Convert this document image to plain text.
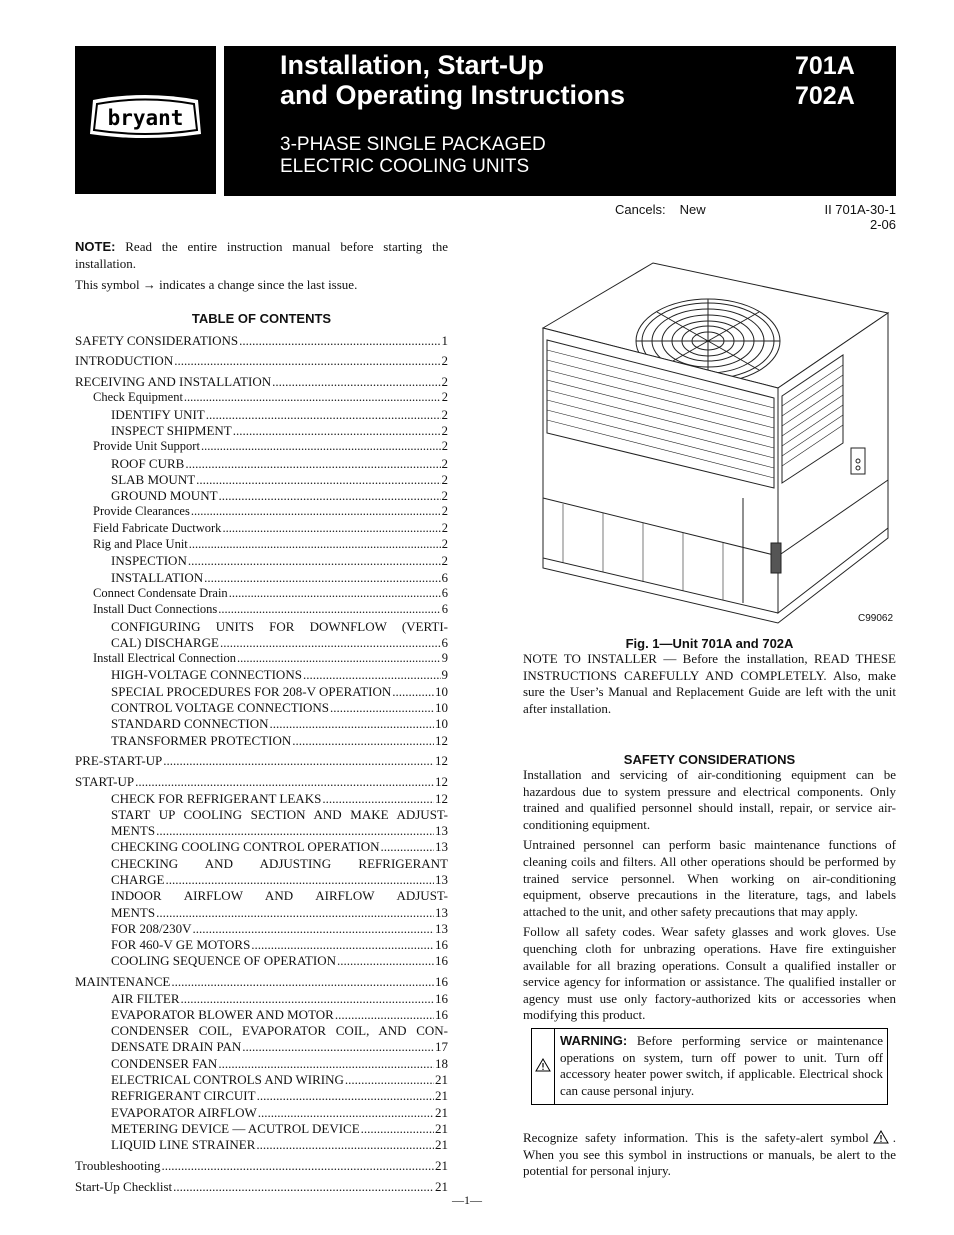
bryant
Installation, Start-Up
and Operating Instructions
3-PHASE SINGLE PACKAGED
ELECTRIC COOLING UNITS
701A
702A
Cancels: New	II 701A-30-1
2-06

NOTE: Read the entire instruction manual before starting the installation.

This symbol → indicates a change since the last issue.

TABLE OF CONTENTS
SAFETY CONSIDERATIONS .....	1
INTRODUCTION .....	2
RECEIVING AND INSTALLATION .....	2
Check Equipment .....	2
IDENTIFY UNIT .....	2
INSPECT SHIPMENT .....	2
Provide Unit Support .....	2
ROOF CURB .....	2
SLAB MOUNT .....	2
GROUND MOUNT .....	2
Provide Clearances .....	2
Field Fabricate Ductwork .....	2
Rig and Place Unit .....	2
INSPECTION .....	2
INSTALLATION .....	6
Connect Condensate Drain .....	6
Install Duct Connections .....	6
CONFIGURING UNITS FOR DOWNFLOW (VERTI-
CAL) DISCHARGE .....	6
Install Electrical Connection .....	9
HIGH-VOLTAGE CONNECTIONS .....	9
SPECIAL PROCEDURES FOR 208-V OPERATION .....	10
CONTROL VOLTAGE CONNECTIONS .....	10
STANDARD CONNECTION .....	10
TRANSFORMER PROTECTION .....	12
PRE-START-UP .....	12
START-UP .....	12
CHECK FOR REFRIGERANT LEAKS .....	12
START UP COOLING SECTION AND MAKE ADJUST-
MENTS .....	13
CHECKING COOLING CONTROL OPERATION .....	13
CHECKING AND ADJUSTING REFRIGERANT
CHARGE .....	13
INDOOR AIRFLOW AND AIRFLOW ADJUST-
MENTS .....	13
FOR 208/230V .....	13
FOR 460-V GE MOTORS .....	16
COOLING SEQUENCE OF OPERATION .....	16
MAINTENANCE .....	16
AIR FILTER .....	16
EVAPORATOR BLOWER AND MOTOR .....	16
CONDENSER COIL, EVAPORATOR COIL, AND CON-
DENSATE DRAIN PAN .....	17
CONDENSER FAN .....	18
ELECTRICAL CONTROLS AND WIRING .....	21
REFRIGERANT CIRCUIT .....	21
EVAPORATOR AIRFLOW .....	21
METERING DEVICE — ACUTROL DEVICE .....	21
LIQUID LINE STRAINER .....	21
Troubleshooting .....	21
Start-Up Checklist .....	21
C99062
Fig. 1—Unit 701A and 702A

NOTE TO INSTALLER — Before the installation, READ THESE INSTRUCTIONS CAREFULLY AND COMPLETELY. Also, make sure the User’s Manual and Replacement Guide are left with the unit after installation.

SAFETY CONSIDERATIONS

Installation and servicing of air-conditioning equipment can be hazardous due to system pressure and electrical components. Only trained and qualified personnel should install, repair, or service air-conditioning equipment.

Untrained personnel can perform basic maintenance functions of cleaning coils and filters. All other operations should be performed by trained service personnel. When working on air-conditioning equipment, observe precautions in the literature, tags, and labels attached to the unit, and other safety precautions that may apply.

Follow all safety codes. Wear safety glasses and work gloves. Use quenching cloth for unbrazing operations. Have fire extinguisher available for all brazing operations. Consult a qualified installer or service agency for information or assistance. The qualified installer or agency must use only factory-authorized kits or accessories when modifying this product.

WARNING: Before performing service or maintenance operations on system, turn off power to unit. Turn off accessory heater power switch, if applicable. Electrical shock can cause personal injury.

Recognize safety information. This is the safety-alert symbol . When you see this symbol in instructions or manuals, be alert to the potential for personal injury.

—1—
